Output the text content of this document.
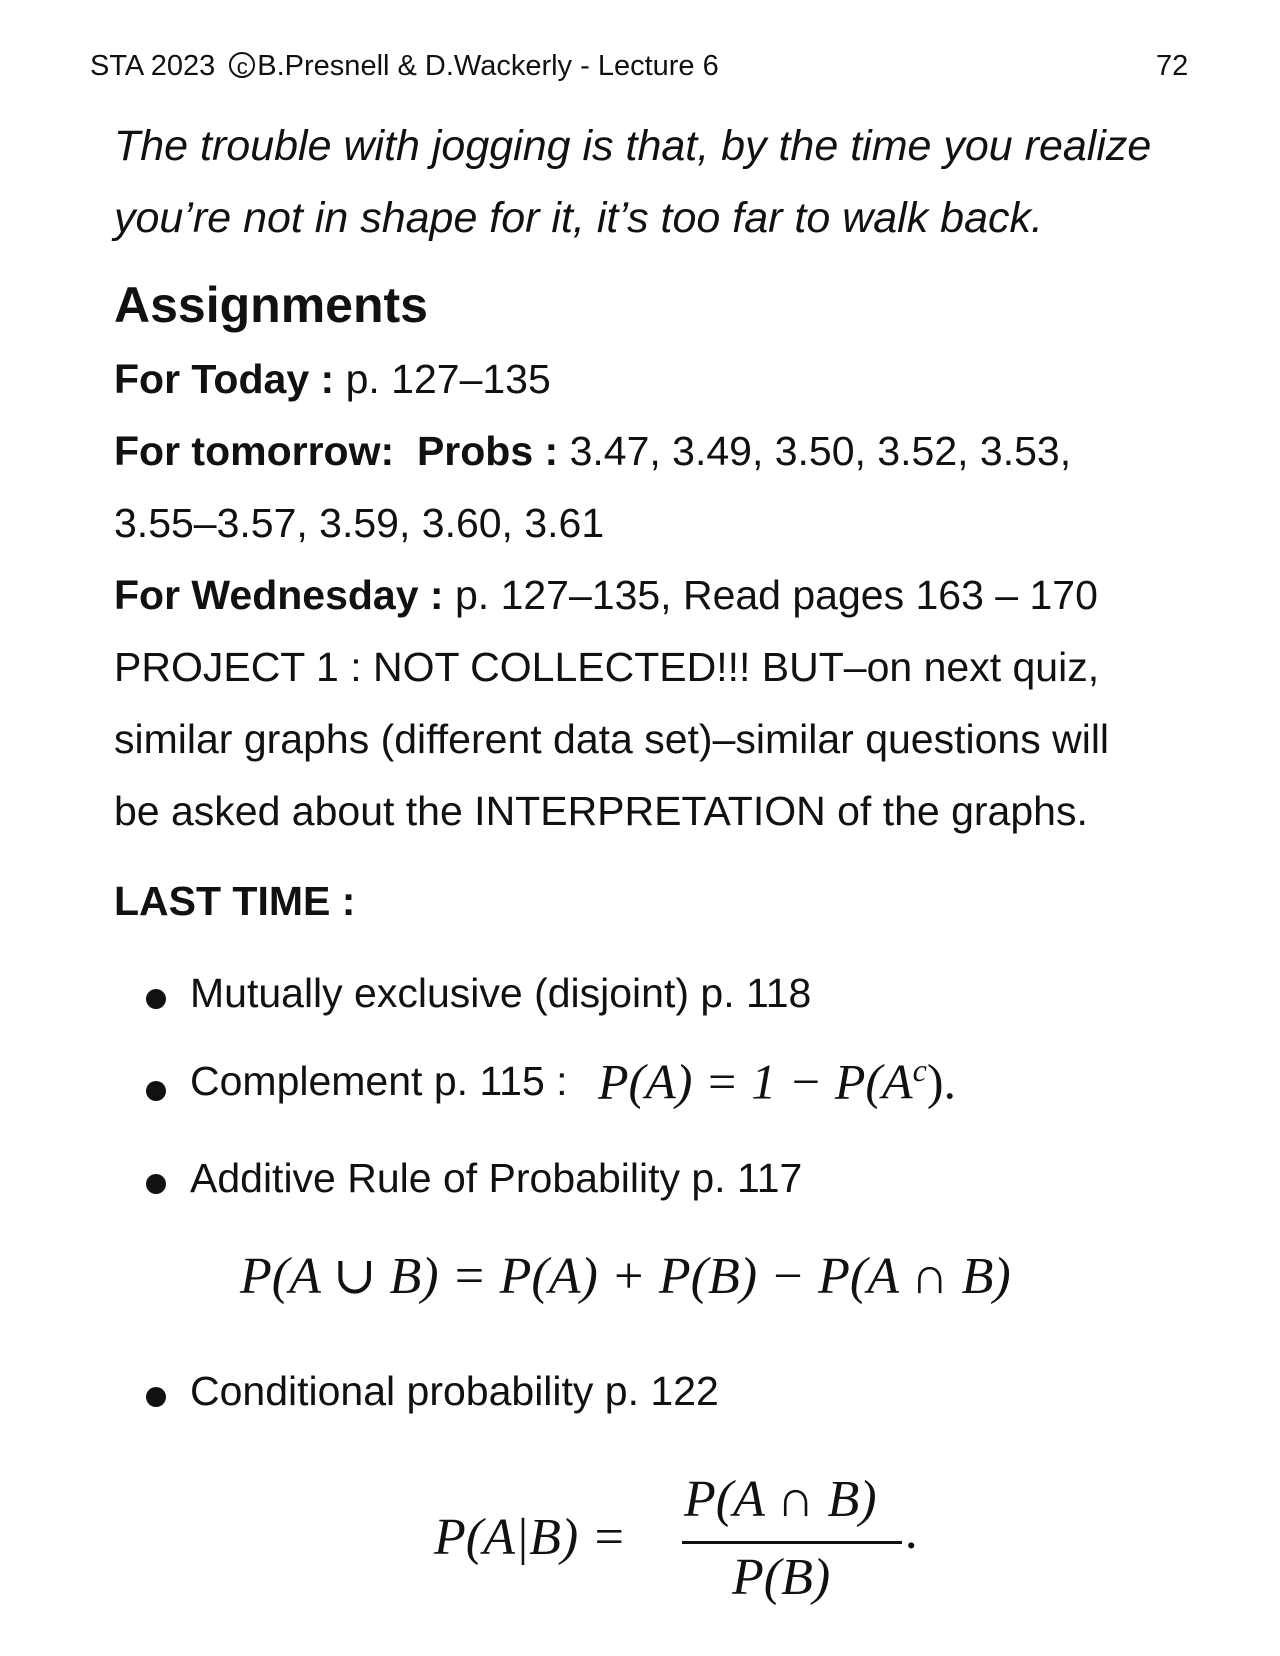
STA 2023 c B.Presnell & D.Wackerly - Lecture 6	72
The trouble with jogging is that, by the time you realize
you’re not in shape for it, it’s too far to walk back.
Assignments
For Today : p. 127–135
For tomorrow: Probs : 3.47, 3.49, 3.50, 3.52, 3.53,
3.55–3.57, 3.59, 3.60, 3.61
For Wednesday : p. 127–135, Read pages 163 – 170
PROJECT 1 : NOT COLLECTED!!! BUT–on next quiz,
similar graphs (different data set)–similar questions will
be asked about the INTERPRETATION of the graphs.
LAST TIME :
Mutually exclusive (disjoint) p. 118
Complement p. 115 : $P(A) = 1 - P(A^c)$.
Additive Rule of Probability p. 117
P(A ∪ B) = P(A) + P(B) − P(A ∩ B)
Conditional probability p. 122
P(A|B) =
P(A ∩ B)
P(B)
.
